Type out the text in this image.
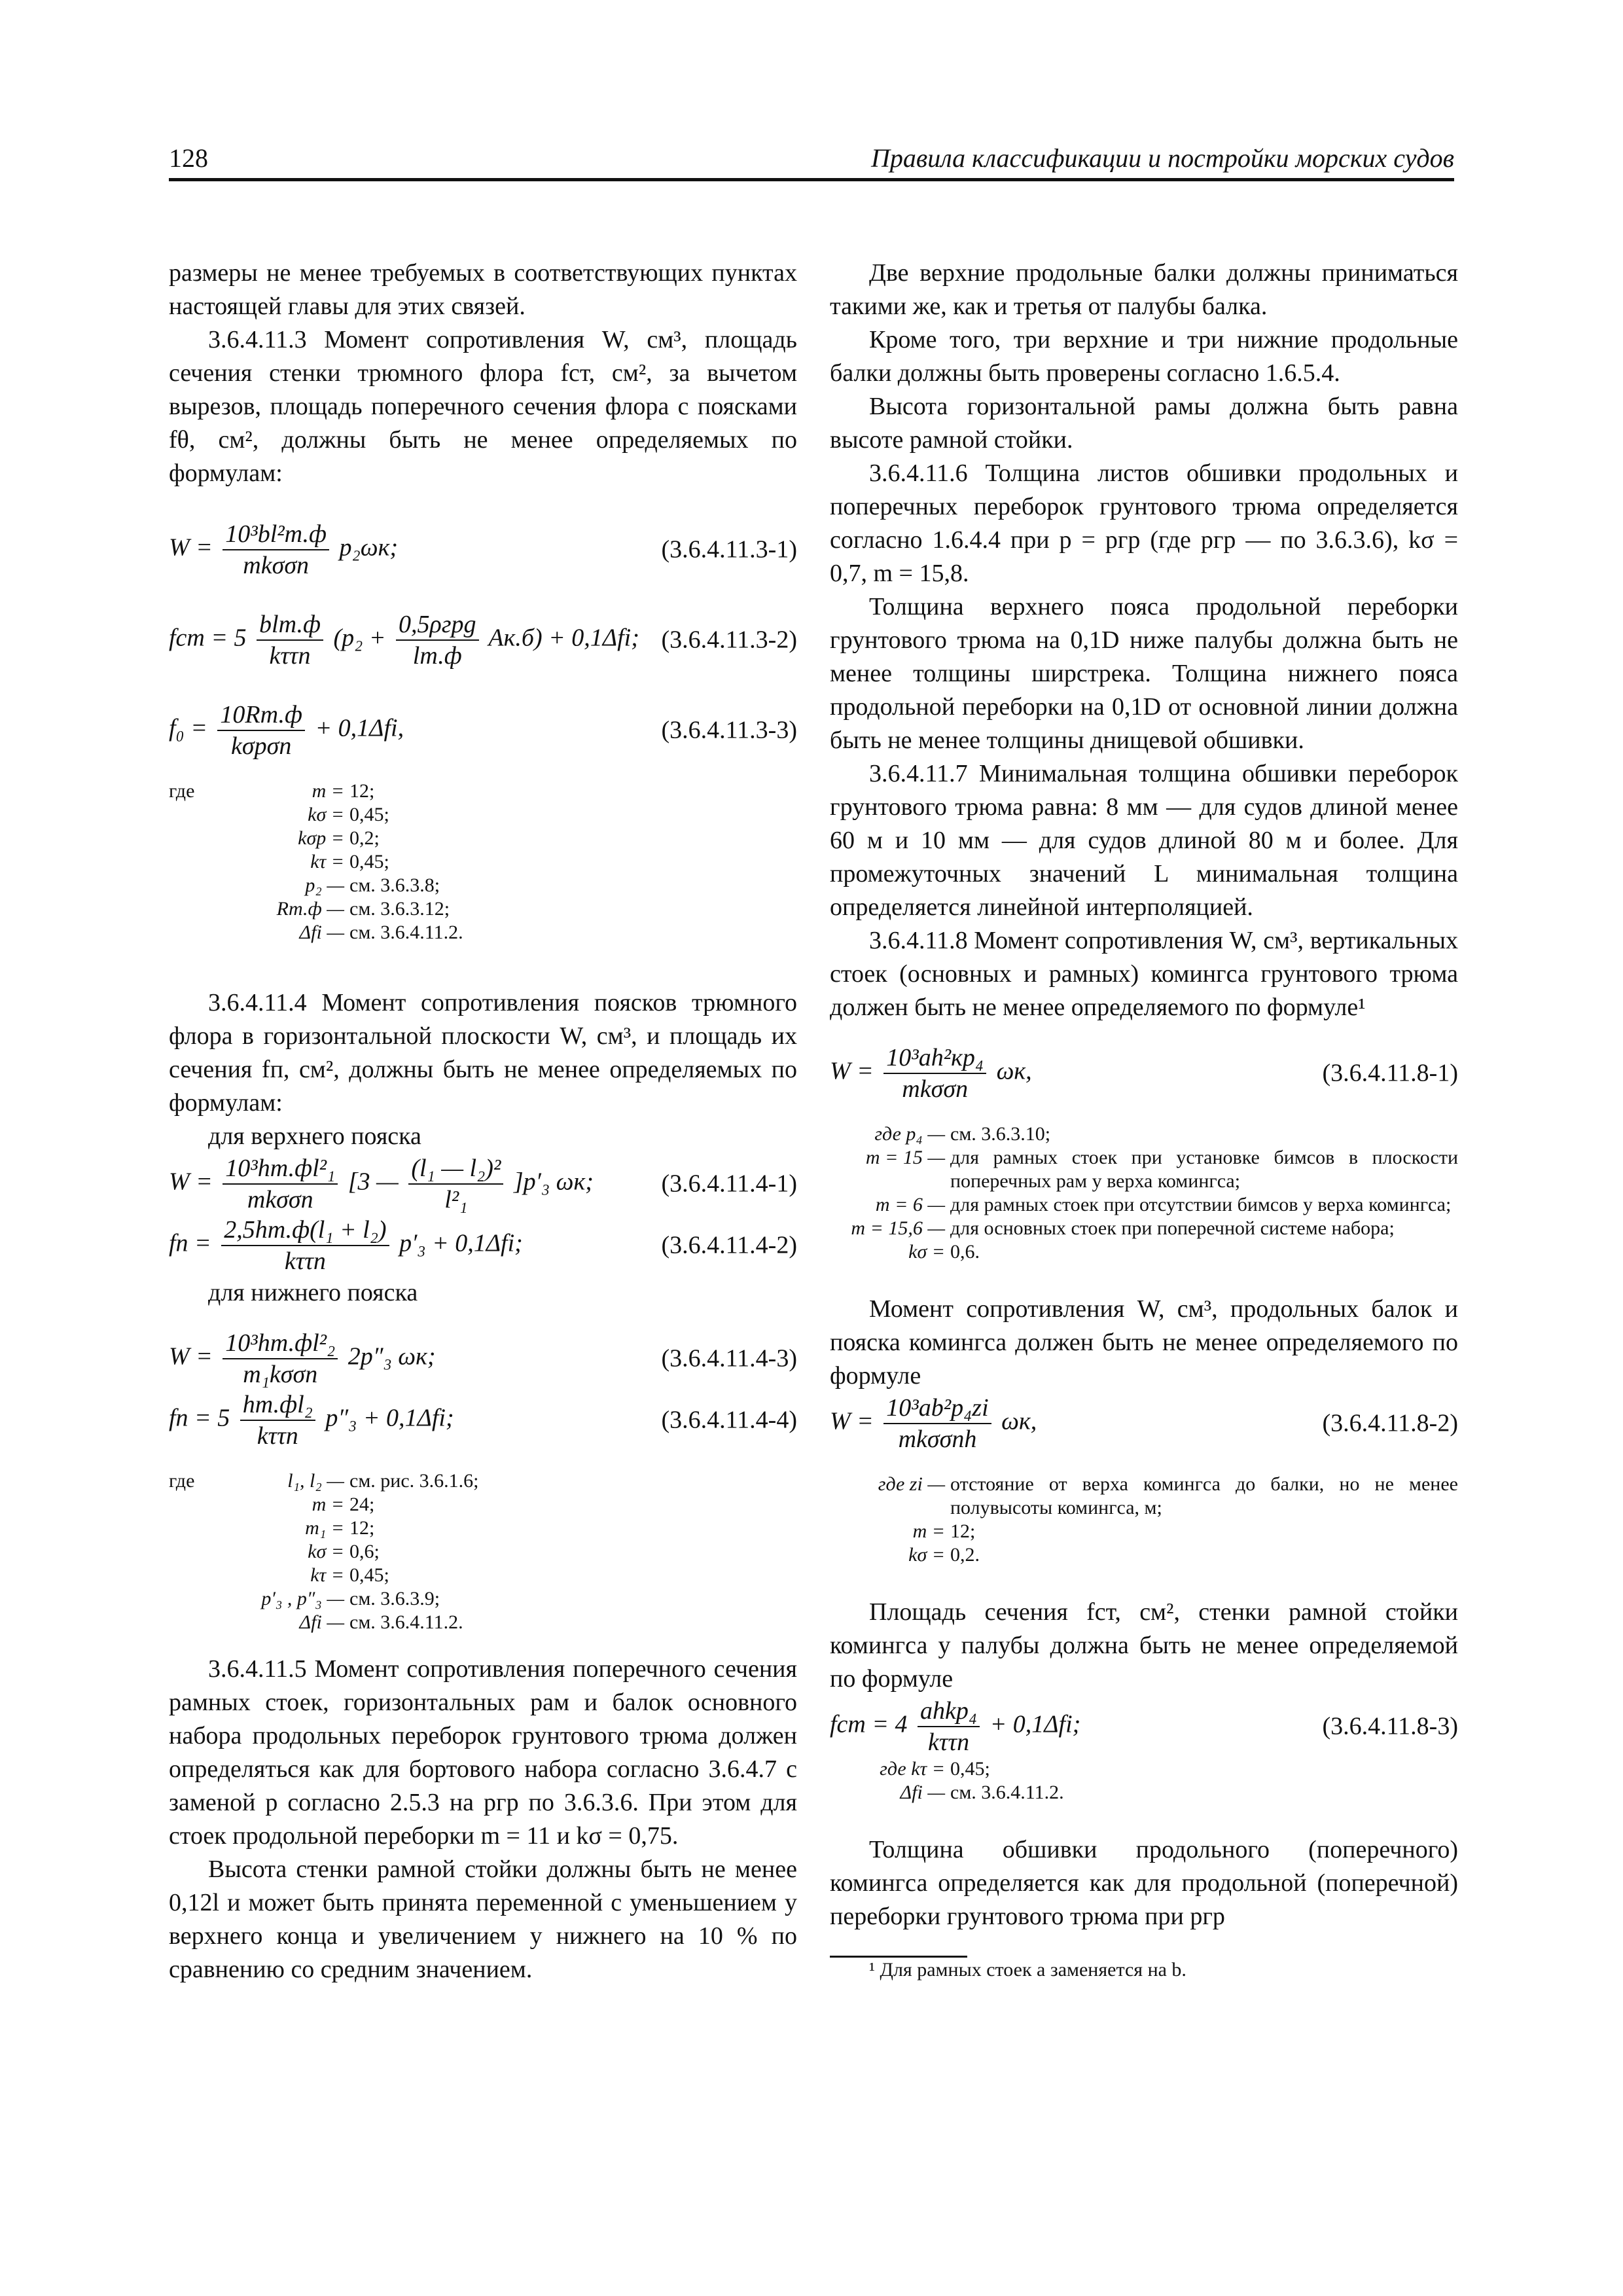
128	Правила классификации и постройки морских судов

размеры не менее требуемых в соответствующих пунктах настоящей главы для этих связей.

3.6.4.11.3 Момент сопротивления W, см³, площадь сечения стенки трюмного флора fст, см², за вычетом вырезов, площадь поперечного сечения флора с поясками fθ, см², должны быть не менее определяемых по формулам:

$W = \frac{\text{10³bl²т.ф}}{\text{mkσσn}} p_2\omega к$;	(3.6.4.11.3-1)
fст = $5 \frac{\text{blт.ф}}{\text{kττn}} (p_2 + \frac{\text{0,5ρгрg}}{lт.ф} Aк.б) + 0,1\Delta fi$; (3.6.4.11.3-2)
$f_0 = \frac{10Rт.ф}{\text{kσpσn}} + 0,1\Delta fi$,	(3.6.4.11.3-3)
где	m = 12;
kσ = 0,45;
kσp = 0,2;
kτ = 0,45;
p₂ — см. 3.6.3.8;
Rт.ф — см. 3.6.3.12;
Δfi — см. 3.6.4.11.2.

3.6.4.11.4 Момент сопротивления поясков трюмного флора в горизонтальной плоскости W, см³, и площадь их сечения fп, см², должны быть не менее определяемых по формулам:

для верхнего пояска

$W = \frac{\text{10³hт.фl²₁}}{\text{mkσσn}} [3$ — $\frac{\text{(l₁ — l₂)²}}{\text{l²₁}} ]p'_3$ ωк;	(3.6.4.11.4-1)
fп = $\frac{\text{2,5hт.ф(l₁ + l₂)}}{\text{kττn}} p'_3 + 0,1\Delta fi$;	(3.6.4.11.4-2)

для нижнего пояска

$W = \frac{\text{10³hт.фl²₂}}{\text{m₁kσσn}} 2p''_3$ ωк;	(3.6.4.11.4-3)
fп = $5 \frac{\text{hт.фl₂}}{\text{kττn}} p''_3 + 0,1\Delta fi$;	(3.6.4.11.4-4)
где	l₁, l₂ — см. рис. 3.6.1.6;
m = 24;
m₁ = 12;
kσ = 0,6;
kτ = 0,45;
p′₃ , p″₃ — см. 3.6.3.9;
Δfi — см. 3.6.4.11.2.

3.6.4.11.5 Момент сопротивления поперечного сечения рамных стоек, горизонтальных рам и балок основного набора продольных переборок грунтового трюма должен определяться как для бортового набора согласно 3.6.4.7 с заменой p согласно 2.5.3 на pгр по 3.6.3.6. При этом для стоек продольной переборки m = 11 и kσ = 0,75.

Высота стенки рамной стойки должны быть не менее 0,12l и может быть принята переменной с уменьшением у верхнего конца и увеличением у нижнего на 10 % по сравнению со средним значением.

Две верхние продольные балки должны приниматься такими же, как и третья от палубы балка.

Кроме того, три верхние и три нижние продольные балки должны быть проверены согласно 1.6.5.4.

Высота горизонтальной рамы должна быть равна высоте рамной стойки.

3.6.4.11.6 Толщина листов обшивки продольных и поперечных переборок грунтового трюма определяется согласно 1.6.4.4 при p = pгр (где pгр — по 3.6.3.6), kσ = 0,7, m = 15,8.

Толщина верхнего пояса продольной переборки грунтового трюма на 0,1D ниже палубы должна быть не менее толщины ширстрека. Толщина нижнего пояса продольной переборки на 0,1D от основной линии должна быть не менее толщины днищевой обшивки.

3.6.4.11.7 Минимальная толщина обшивки переборок грунтового трюма равна: 8 мм — для судов длиной менее 60 м и 10 мм — для судов длиной 80 м и более. Для промежуточных значений L минимальная толщина определяется линейной интерполяцией.

3.6.4.11.8 Момент сопротивления W, см³, вертикальных стоек (основных и рамных) комингса грунтового трюма должен быть не менее определяемого по формуле¹

$W = \frac{\text{10³ah²кp₄}}{\text{mkσσn}} \omega к$,	(3.6.4.11.8-1)
где p₄ — см. 3.6.3.10;
m = 15 — для рамных стоек при установке бимсов в плоскости поперечных рам у верха комингса;
m = 6 — для рамных стоек при отсутствии бимсов у верха комингса;
m = 15,6 — для основных стоек при поперечной системе набора;
kσ = 0,6.

Момент сопротивления W, см³, продольных балок и пояска комингса должен быть не менее определяемого по формуле

$W = \frac{\text{10³ab²p₄zi}}{\text{mkσσnh}} \omega к$,	(3.6.4.11.8-2)
где zi — отстояние от верха комингса до балки, но не менее полувысоты комингса, м;
m = 12;
kσ = 0,2.

Площадь сечения fст, см², стенки рамной стойки комингса у палубы должна быть не менее определяемой по формуле

fст = $4 \frac{\text{ahkp₄}}{\text{kττn}} + 0,1\Delta fi$;	(3.6.4.11.8-3)
где kτ = 0,45;
Δfi — см. 3.6.4.11.2.

Толщина обшивки продольного (поперечного) комингса определяется как для продольной (поперечной) переборки грунтового трюма при pгр

¹ Для рамных стоек a заменяется на b.
